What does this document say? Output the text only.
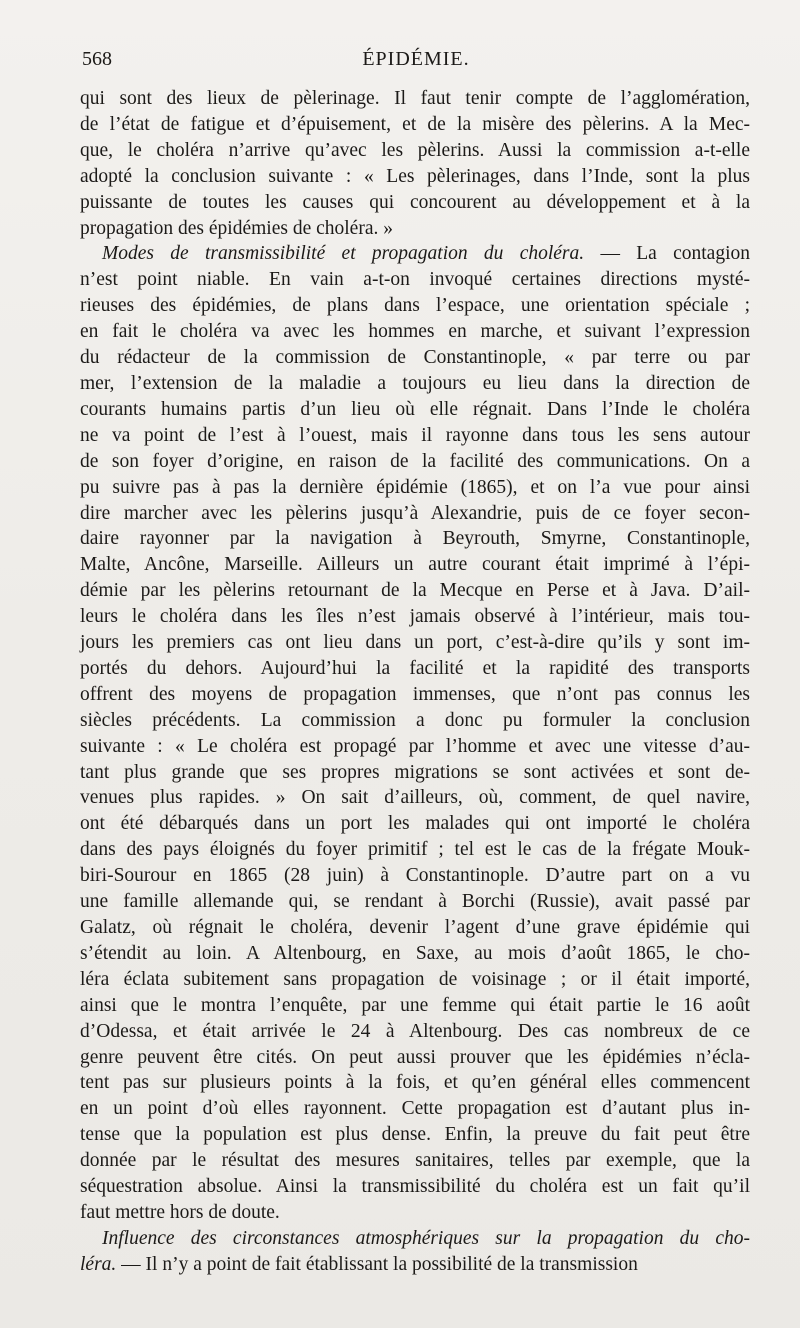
568	ÉPIDÉMIE.
qui sont des lieux de pèlerinage. Il faut tenir compte de l’agglomération,
de l’état de fatigue et d’épuisement, et de la misère des pèlerins. A la Mec-
que, le choléra n’arrive qu’avec les pèlerins. Aussi la commission a-t-elle
adopté la conclusion suivante : « Les pèlerinages, dans l’Inde, sont la plus
puissante de toutes les causes qui concourent au développement et à la
propagation des épidémies de choléra. »
Modes de transmissibilité et propagation du choléra. — La contagion
n’est point niable. En vain a-t-on invoqué certaines directions mysté-
rieuses des épidémies, de plans dans l’espace, une orientation spéciale ;
en fait le choléra va avec les hommes en marche, et suivant l’expression
du rédacteur de la commission de Constantinople, « par terre ou par
mer, l’extension de la maladie a toujours eu lieu dans la direction de
courants humains partis d’un lieu où elle régnait. Dans l’Inde le choléra
ne va point de l’est à l’ouest, mais il rayonne dans tous les sens autour
de son foyer d’origine, en raison de la facilité des communications. On a
pu suivre pas à pas la dernière épidémie (1865), et on l’a vue pour ainsi
dire marcher avec les pèlerins jusqu’à Alexandrie, puis de ce foyer secon-
daire rayonner par la navigation à Beyrouth, Smyrne, Constantinople,
Malte, Ancône, Marseille. Ailleurs un autre courant était imprimé à l’épi-
démie par les pèlerins retournant de la Mecque en Perse et à Java. D’ail-
leurs le choléra dans les îles n’est jamais observé à l’intérieur, mais tou-
jours les premiers cas ont lieu dans un port, c’est-à-dire qu’ils y sont im-
portés du dehors. Aujourd’hui la facilité et la rapidité des transports
offrent des moyens de propagation immenses, que n’ont pas connus les
siècles précédents. La commission a donc pu formuler la conclusion
suivante : « Le choléra est propagé par l’homme et avec une vitesse d’au-
tant plus grande que ses propres migrations se sont activées et sont de-
venues plus rapides. » On sait d’ailleurs, où, comment, de quel navire,
ont été débarqués dans un port les malades qui ont importé le choléra
dans des pays éloignés du foyer primitif ; tel est le cas de la frégate Mouk-
biri-Sourour en 1865 (28 juin) à Constantinople. D’autre part on a vu
une famille allemande qui, se rendant à Borchi (Russie), avait passé par
Galatz, où régnait le choléra, devenir l’agent d’une grave épidémie qui
s’étendit au loin. A Altenbourg, en Saxe, au mois d’août 1865, le cho-
léra éclata subitement sans propagation de voisinage ; or il était importé,
ainsi que le montra l’enquête, par une femme qui était partie le 16 août
d’Odessa, et était arrivée le 24 à Altenbourg. Des cas nombreux de ce
genre peuvent être cités. On peut aussi prouver que les épidémies n’écla-
tent pas sur plusieurs points à la fois, et qu’en général elles commencent
en un point d’où elles rayonnent. Cette propagation est d’autant plus in-
tense que la population est plus dense. Enfin, la preuve du fait peut être
donnée par le résultat des mesures sanitaires, telles par exemple, que la
séquestration absolue. Ainsi la transmissibilité du choléra est un fait qu’il
faut mettre hors de doute.
Influence des circonstances atmosphériques sur la propagation du cho-
léra. — Il n’y a point de fait établissant la possibilité de la transmission
